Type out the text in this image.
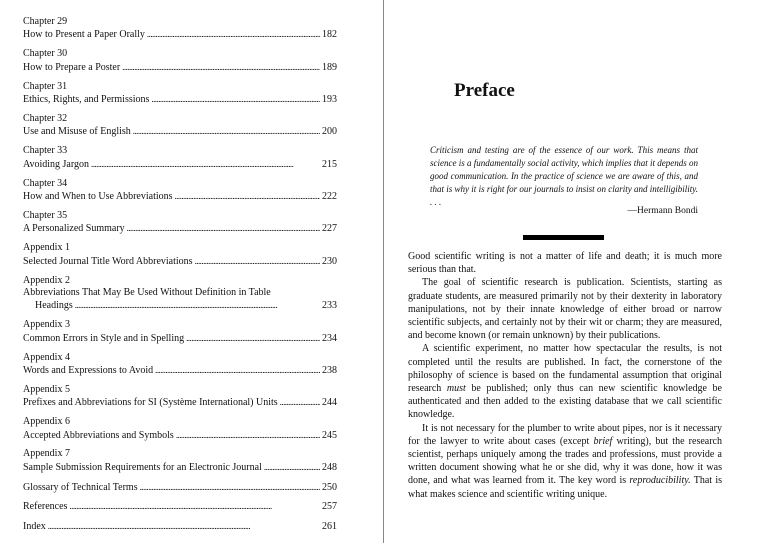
Chapter 29
How to Present a Paper Orally . . .	182
Chapter 30
How to Prepare a Poster . . .	189
Chapter 31
Ethics, Rights, and Permissions . . .	193
Chapter 32
Use and Misuse of English . . .	200
Chapter 33
Avoiding Jargon . . .	215
Chapter 34
How and When to Use Abbreviations . . .	222
Chapter 35
A Personalized Summary . . .	227
Appendix 1
Selected Journal Title Word Abbreviations . . .	230
Appendix 2
Abbreviations That May Be Used Without Definition in Table
Headings . . .	233
Appendix 3
Common Errors in Style and in Spelling . . .	234
Appendix 4
Words and Expressions to Avoid . . .	238
Appendix 5
Prefixes and Abbreviations for SI (Système International) Units . . .	244
Appendix 6
Accepted Abbreviations and Symbols . . .	245
Appendix 7
Sample Submission Requirements for an Electronic Journal . . .	248
Glossary of Technical Terms . . .	250
References . . .	257
Index . . .	261
Preface
Criticism and testing are of the essence of our work. This means that science is a fundamentally social activity, which implies that it depends on good communication. In the practice of science we are aware of this, and that is why it is right for our journals to insist on clarity and intelligibility. . . .
—Hermann Bondi

Good scientific writing is not a matter of life and death; it is much more serious than that.

The goal of scientific research is publication. Scientists, starting as graduate students, are measured primarily not by their dexterity in laboratory manipulations, not by their innate knowledge of either broad or narrow scientific subjects, and certainly not by their wit or charm; they are measured, and become known (or remain unknown) by their publications.

A scientific experiment, no matter how spectacular the results, is not completed until the results are published. In fact, the cornerstone of the philosophy of science is based on the fundamental assumption that original research must be published; only thus can new scientific knowledge be authenticated and then added to the existing database that we call scientific knowledge.

It is not necessary for the plumber to write about pipes, nor is it necessary for the lawyer to write about cases (except brief writing), but the research scientist, perhaps uniquely among the trades and professions, must provide a written document showing what he or she did, why it was done, how it was done, and what was learned from it. The key word is reproducibility. That is what makes science and scientific writing unique.
